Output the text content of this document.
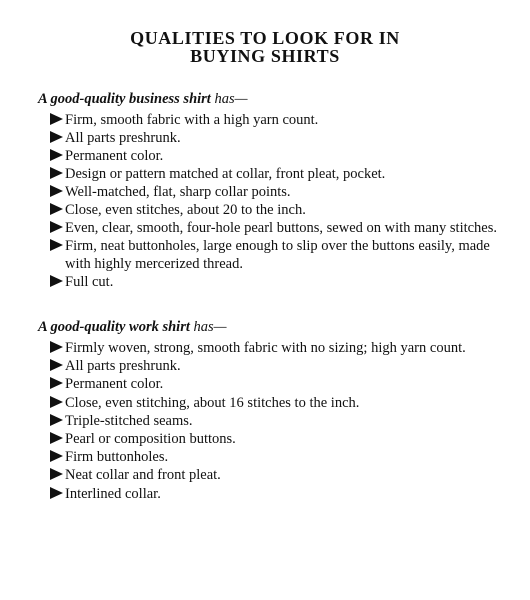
QUALITIES TO LOOK FOR IN
BUYING SHIRTS

A good-quality business shirt has—

Firm, smooth fabric with a high yarn count.
All parts preshrunk.
Permanent color.
Design or pattern matched at collar, front pleat, pocket.
Well-matched, flat, sharp collar points.
Close, even stitches, about 20 to the inch.
Even, clear, smooth, four-hole pearl buttons, sewed on with many stitches.
Firm, neat buttonholes, large enough to slip over the buttons easily, made with highly mercerized thread.
Full cut.

A good-quality work shirt has—

Firmly woven, strong, smooth fabric with no sizing; high yarn count.
All parts preshrunk.
Permanent color.
Close, even stitching, about 16 stitches to the inch.
Triple-stitched seams.
Pearl or composition buttons.
Firm buttonholes.
Neat collar and front pleat.
Interlined collar.
